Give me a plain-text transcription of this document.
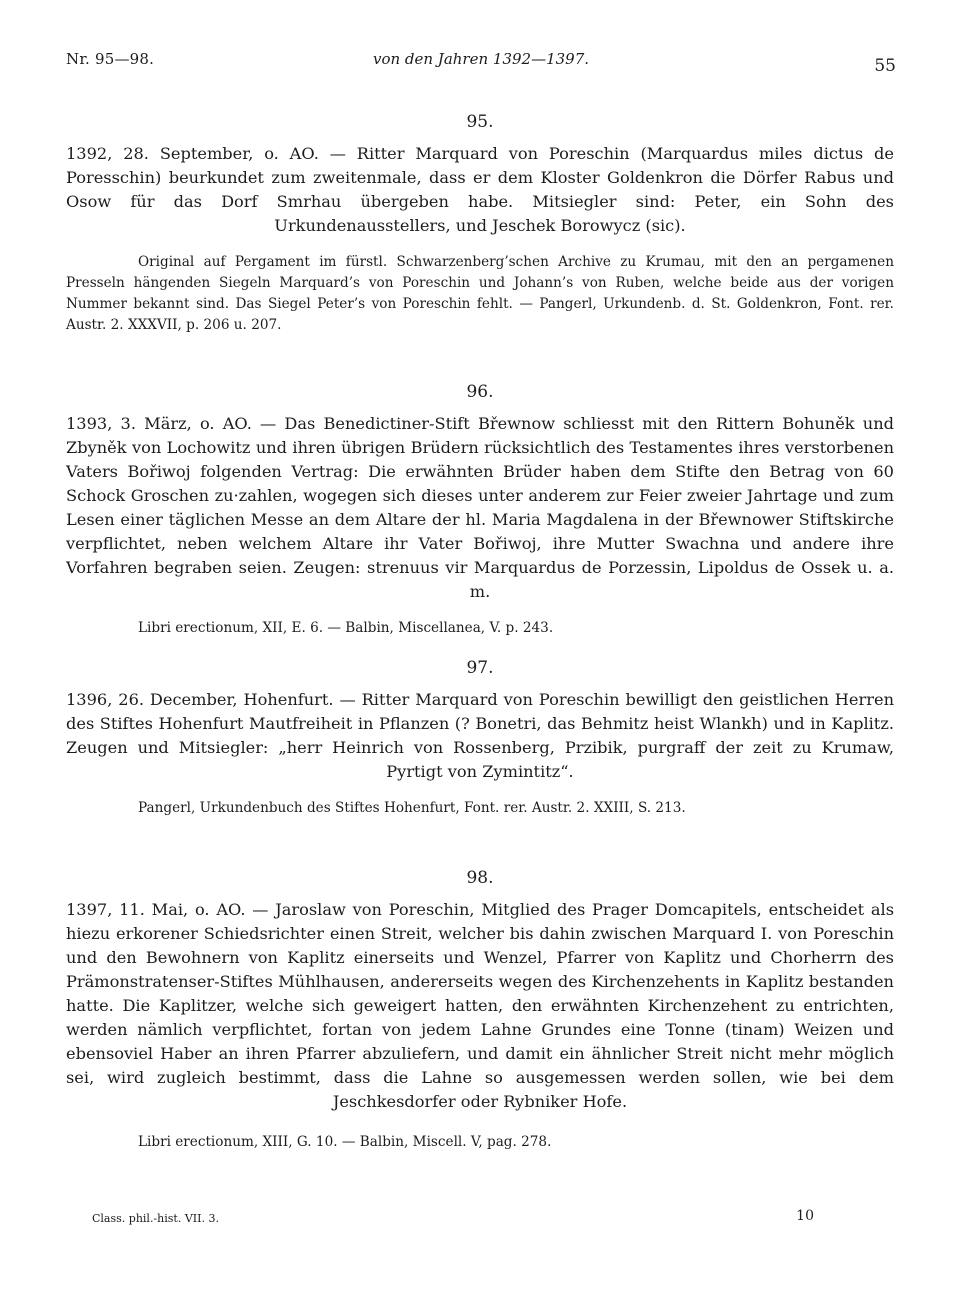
Nr. 95—98.	von den Jahren 1392—1397.	55
95.

1392, 28. September, o. AO. — Ritter Marquard von Poreschin (Marquardus miles dictus de Poresschin) beurkundet zum zweitenmale, dass er dem Kloster Goldenkron die Dörfer Rabus und Osow für das Dorf Smrhau übergeben habe. Mitsiegler sind: Peter, ein Sohn des Urkundenausstellers, und Jeschek Borowycz (sic).

Original auf Pergament im fürstl. Schwarzenberg’schen Archive zu Krumau, mit den an pergamenen Presseln hängenden Siegeln Marquard’s von Poreschin und Johann’s von Ruben, welche beide aus der vorigen Nummer bekannt sind. Das Siegel Peter’s von Poreschin fehlt. — Pangerl, Urkundenb. d. St. Goldenkron, Font. rer. Austr. 2. XXXVII, p. 206 u. 207.

96.

1393, 3. März, o. AO. — Das Benedictiner-Stift Břewnow schliesst mit den Rittern Bohuněk und Zbyněk von Lochowitz und ihren übrigen Brüdern rücksichtlich des Testamentes ihres verstorbenen Vaters Bořiwoj folgenden Vertrag: Die erwähnten Brüder haben dem Stifte den Betrag von 60 Schock Groschen zu·zahlen, wogegen sich dieses unter anderem zur Feier zweier Jahrtage und zum Lesen einer täglichen Messe an dem Altare der hl. Maria Magdalena in der Břewnower Stiftskirche verpflichtet, neben welchem Altare ihr Vater Bořiwoj, ihre Mutter Swachna und andere ihre Vorfahren begraben seien. Zeugen: strenuus vir Marquardus de Porzessin, Lipoldus de Ossek u. a. m.

Libri erectionum, XII, E. 6. — Balbin, Miscellanea, V. p. 243.

97.

1396, 26. December, Hohenfurt. — Ritter Marquard von Poreschin bewilligt den geistlichen Herren des Stiftes Hohenfurt Mautfreiheit in Pflanzen (? Bonetri, das Behmitz heist Wlankh) und in Kaplitz. Zeugen und Mitsiegler: „herr Heinrich von Rossenberg, Przibik, purgraff der zeit zu Krumaw, Pyrtigt von Zymintitz“.

Pangerl, Urkundenbuch des Stiftes Hohenfurt, Font. rer. Austr. 2. XXIII, S. 213.

98.

1397, 11. Mai, o. AO. — Jaroslaw von Poreschin, Mitglied des Prager Domcapitels, entscheidet als hiezu erkorener Schiedsrichter einen Streit, welcher bis dahin zwischen Marquard I. von Poreschin und den Bewohnern von Kaplitz einerseits und Wenzel, Pfarrer von Kaplitz und Chorherrn des Prämonstratenser-Stiftes Mühlhausen, andererseits wegen des Kirchenzehents in Kaplitz bestanden hatte. Die Kaplitzer, welche sich geweigert hatten, den erwähnten Kirchenzehent zu entrichten, werden nämlich verpflichtet, fortan von jedem Lahne Grundes eine Tonne (tinam) Weizen und ebensoviel Haber an ihren Pfarrer abzuliefern, und damit ein ähnlicher Streit nicht mehr möglich sei, wird zugleich bestimmt, dass die Lahne so ausgemessen werden sollen, wie bei dem Jeschkesdorfer oder Rybniker Hofe.

Libri erectionum, XIII, G. 10. — Balbin, Miscell. V, pag. 278.

Class. phil.-hist. VII. 3.	10
